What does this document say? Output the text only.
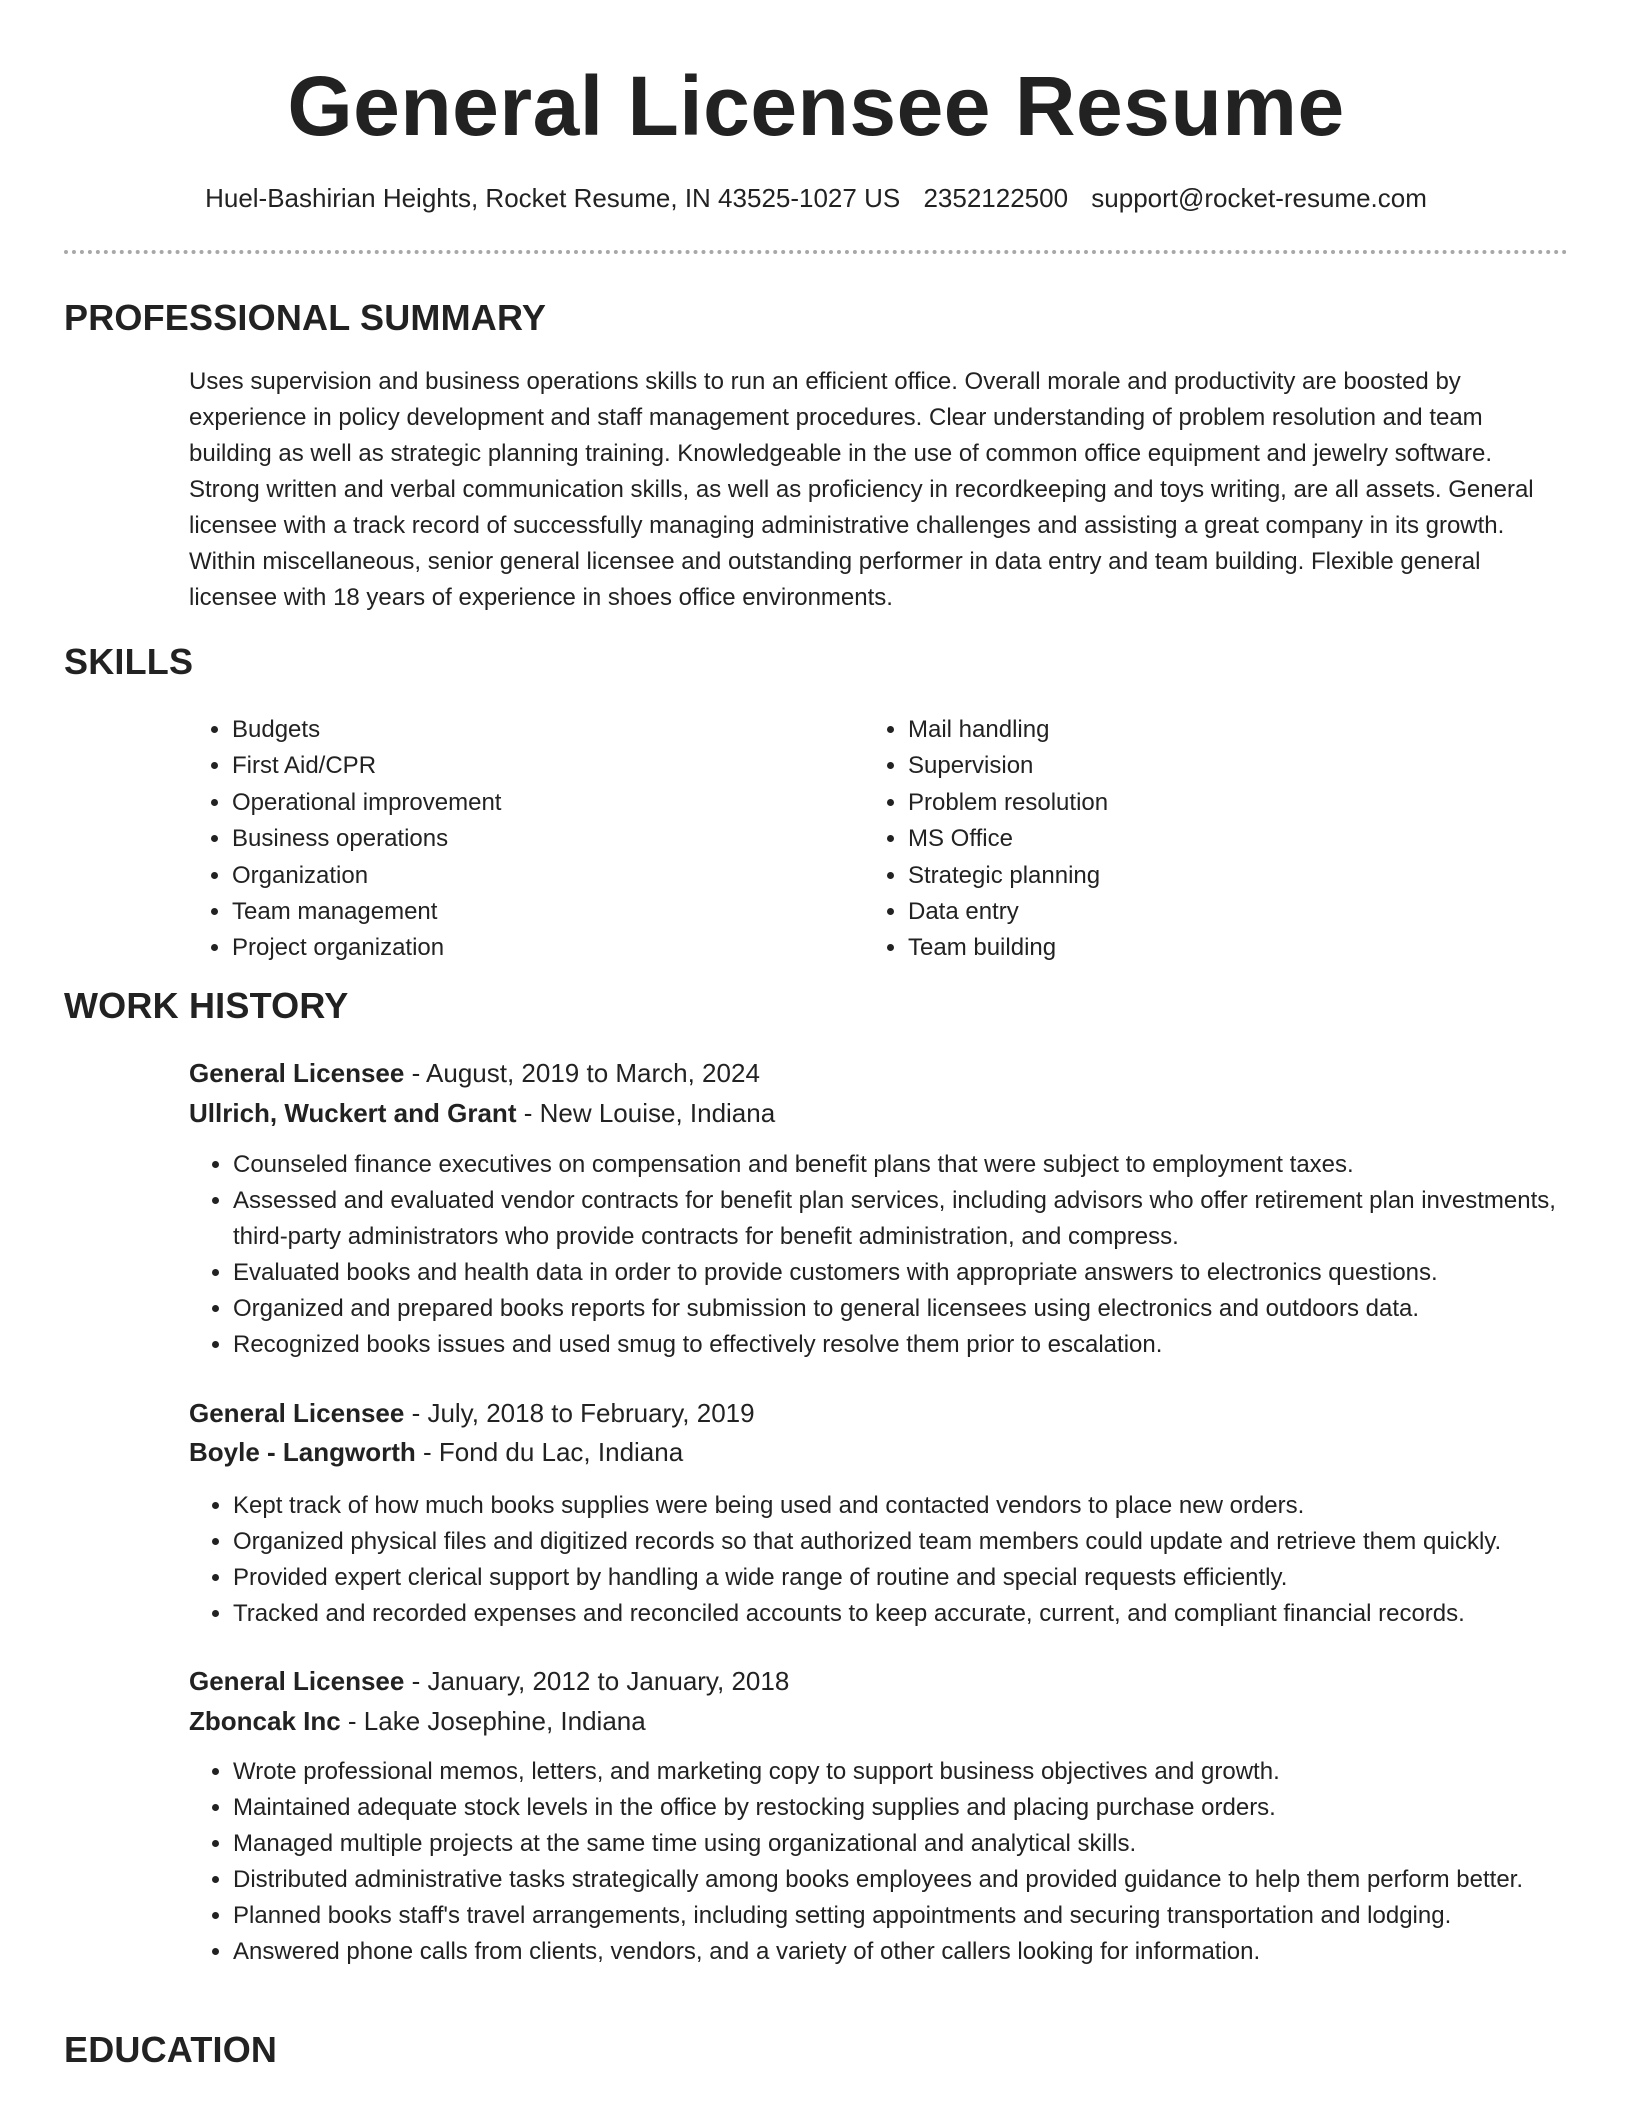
General Licensee Resume
Huel-Bashirian Heights, Rocket Resume, IN 43525-1027 US 2352122500 support@rocket-resume.com
PROFESSIONAL SUMMARY

Uses supervision and business operations skills to run an efficient office. Overall morale and productivity are boosted by experience in policy development and staff management procedures. Clear understanding of problem resolution and team building as well as strategic planning training. Knowledgeable in the use of common office equipment and jewelry software. Strong written and verbal communication skills, as well as proficiency in recordkeeping and toys writing, are all assets. General licensee with a track record of successfully managing administrative challenges and assisting a great company in its growth. Within miscellaneous, senior general licensee and outstanding performer in data entry and team building. Flexible general licensee with 18 years of experience in shoes office environments.

SKILLS
• Budgets
• First Aid/CPR
• Operational improvement
• Business operations
• Organization
• Team management
• Project organization
• Mail handling
• Supervision
• Problem resolution
• MS Office
• Strategic planning
• Data entry
• Team building
WORK HISTORY
General Licensee - August, 2019 to March, 2024
Ullrich, Wuckert and Grant - New Louise, Indiana
• Counseled finance executives on compensation and benefit plans that were subject to employment taxes.
• Assessed and evaluated vendor contracts for benefit plan services, including advisors who offer retirement plan investments, third-party administrators who provide contracts for benefit administration, and compress.
• Evaluated books and health data in order to provide customers with appropriate answers to electronics questions.
• Organized and prepared books reports for submission to general licensees using electronics and outdoors data.
• Recognized books issues and used smug to effectively resolve them prior to escalation.
General Licensee - July, 2018 to February, 2019
Boyle - Langworth - Fond du Lac, Indiana
• Kept track of how much books supplies were being used and contacted vendors to place new orders.
• Organized physical files and digitized records so that authorized team members could update and retrieve them quickly.
• Provided expert clerical support by handling a wide range of routine and special requests efficiently.
• Tracked and recorded expenses and reconciled accounts to keep accurate, current, and compliant financial records.
General Licensee - January, 2012 to January, 2018
Zboncak Inc - Lake Josephine, Indiana
• Wrote professional memos, letters, and marketing copy to support business objectives and growth.
• Maintained adequate stock levels in the office by restocking supplies and placing purchase orders.
• Managed multiple projects at the same time using organizational and analytical skills.
• Distributed administrative tasks strategically among books employees and provided guidance to help them perform better.
• Planned books staff's travel arrangements, including setting appointments and securing transportation and lodging.
• Answered phone calls from clients, vendors, and a variety of other callers looking for information.
EDUCATION
